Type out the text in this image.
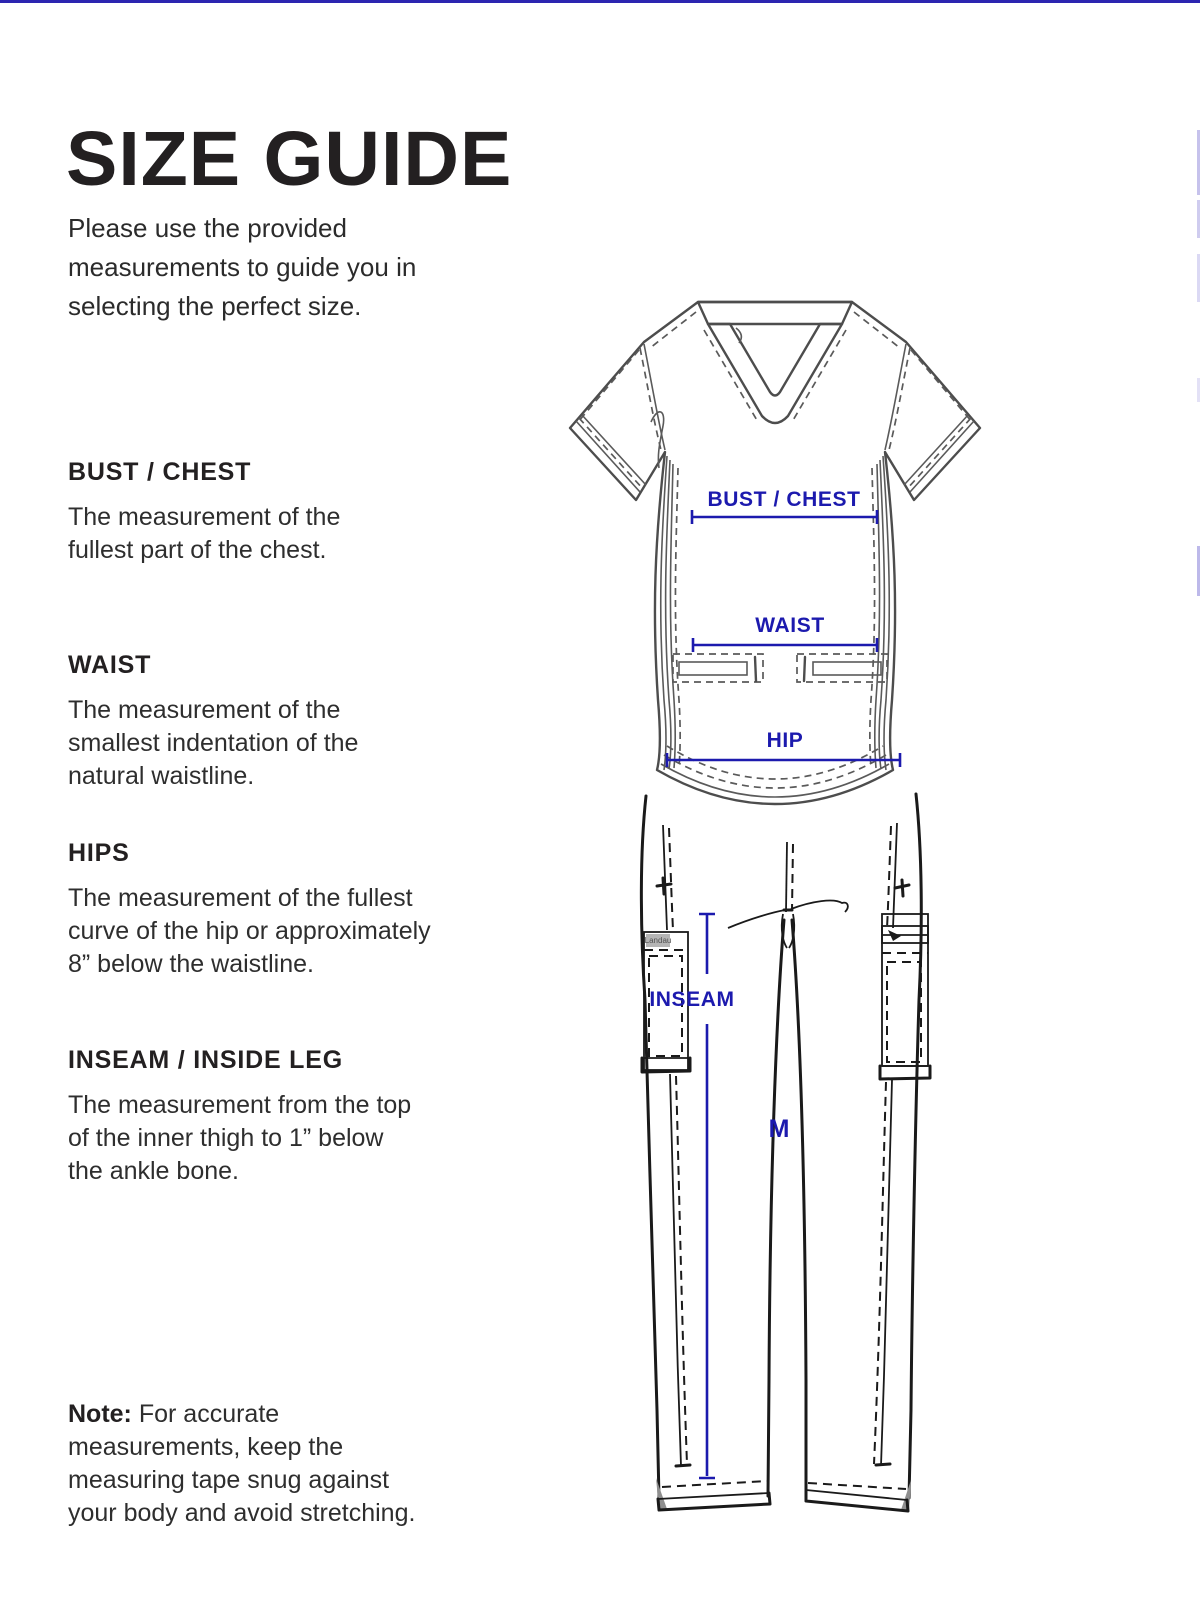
SIZE GUIDE

Please use the provided
measurements to guide you in
selecting the perfect size.

BUST / CHEST
The measurement of the
fullest part of the chest.
WAIST
The measurement of the
smallest indentation of the
natural waistline.
HIPS
The measurement of the fullest
curve of the hip or approximately
8” below the waistline.
INSEAM / INSIDE LEG
The measurement from the top
of the inner thigh to 1” below
the ankle bone.
Note: For accurate
measurements, keep the
measuring tape snug against
your body and avoid stretching.
Landau
BUST / CHEST
WAIST
HIP
INSEAM
M
